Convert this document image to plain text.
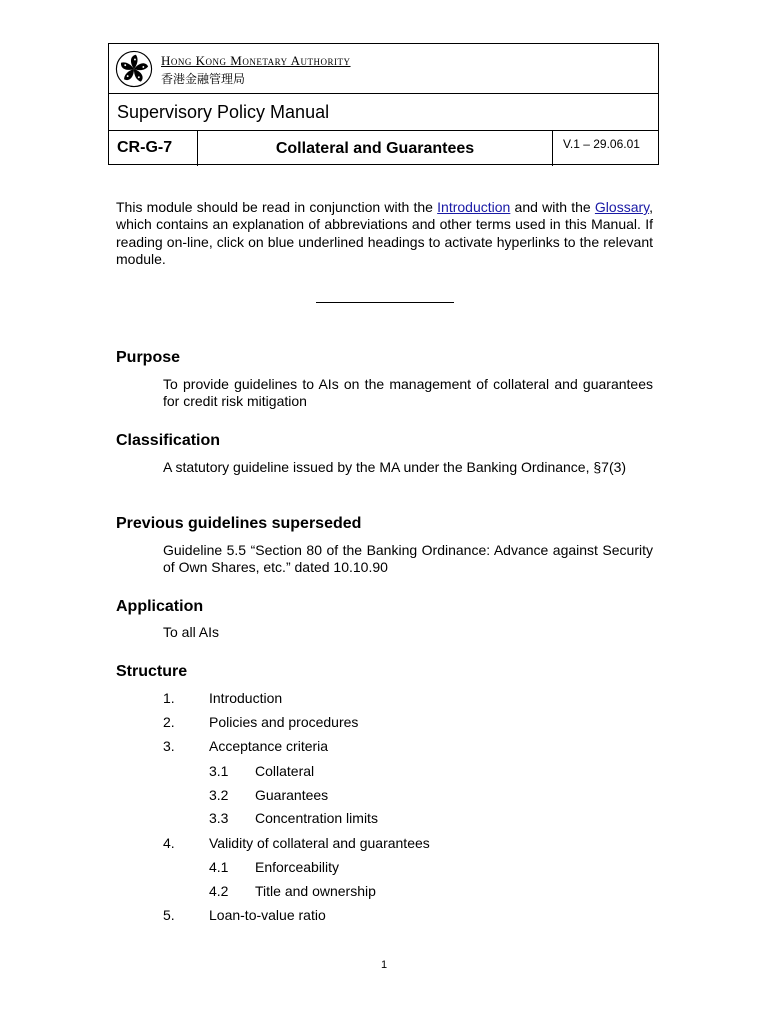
Hong Kong Monetary Authority
香港金融管理局
Supervisory Policy Manual
CR-G-7	Collateral and Guarantees	V.1 – 29.06.01
This module should be read in conjunction with the Introduction and with the Glossary, which contains an explanation of abbreviations and other terms used in this Manual. If reading on-line, click on blue underlined headings to activate hyperlinks to the relevant module.
Purpose
To provide guidelines to AIs on the management of collateral and guarantees for credit risk mitigation
Classification
A statutory guideline issued by the MA under the Banking Ordinance, §7(3)
Previous guidelines superseded
Guideline 5.5 “Section 80 of the Banking Ordinance: Advance against Security of Own Shares, etc.” dated 10.10.90
Application
To all AIs
Structure
1. Introduction
2. Policies and procedures
3. Acceptance criteria
3.1 Collateral
3.2 Guarantees
3.3 Concentration limits
4. Validity of collateral and guarantees
4.1 Enforceability
4.2 Title and ownership
5. Loan-to-value ratio
1
